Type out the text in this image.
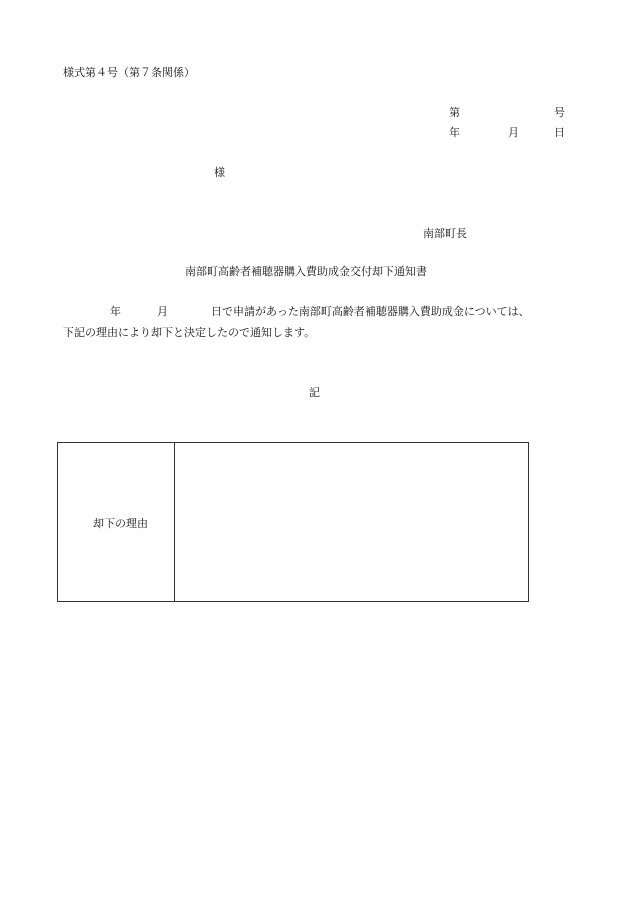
様式第４号（第７条関係）
第	号
年	月	日
様
南部町長
南部町高齢者補聴器購入費助成金交付却下通知書
年	月	日で申請があった南部町高齢者補聴器購入費助成金については、
下記の理由により却下と決定したので通知します。
記
却下の理由
